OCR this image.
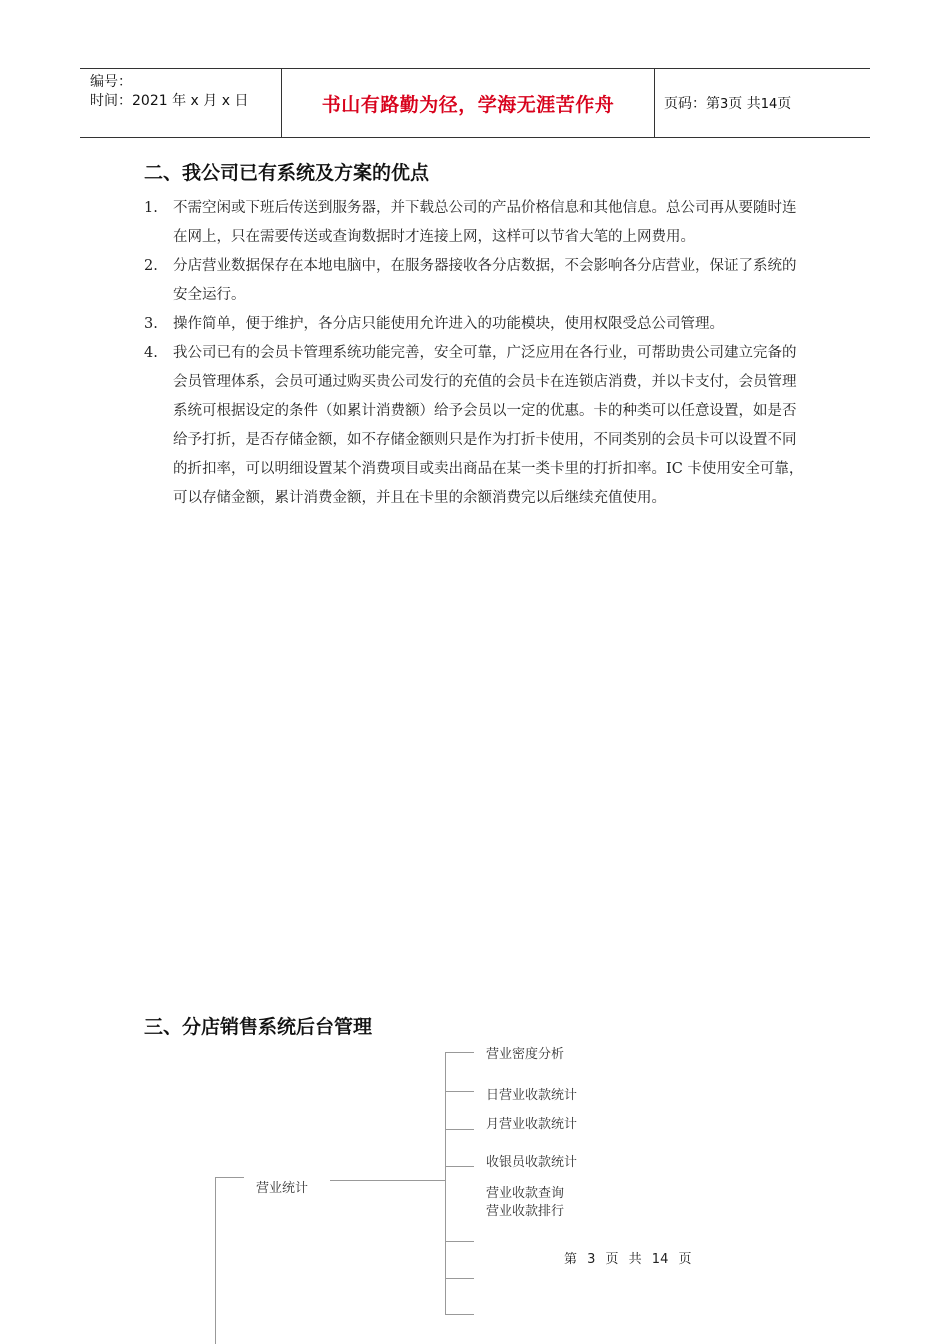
编号：
时间：2021 年 x 月 x 日	书山有路勤为径，学海无涯苦作舟	页码：第3页 共14页
二、我公司已有系统及方案的优点
1. 不需空闲或下班后传送到服务器，并下载总公司的产品价格信息和其他信息。总公司再从要随时连在网上，只在需要传送或查询数据时才连接上网，这样可以节省大笔的上网费用。
2. 分店营业数据保存在本地电脑中，在服务器接收各分店数据，不会影响各分店营业，保证了系统的安全运行。
3. 操作简单，便于维护，各分店只能使用允许进入的功能模块，使用权限受总公司管理。
4. 我公司已有的会员卡管理系统功能完善，安全可靠，广泛应用在各行业，可帮助贵公司建立完备的会员管理体系，会员可通过购买贵公司发行的充值的会员卡在连锁店消费，并以卡支付，会员管理系统可根据设定的条件（如累计消费额）给予会员以一定的优惠。卡的种类可以任意设置，如是否给予打折，是否存储金额，如不存储金额则只是作为打折卡使用，不同类别的会员卡可以设置不同的折扣率，可以明细设置某个消费项目或卖出商品在某一类卡里的打折扣率。IC 卡使用安全可靠，可以存储金额，累计消费金额，并且在卡里的余额消费完以后继续充值使用。
三、分店销售系统后台管理
营业统计
营业密度分析
日营业收款统计
月营业收款统计
收银员收款统计
营业收款查询
营业收款排行
第 3 页 共 14 页
